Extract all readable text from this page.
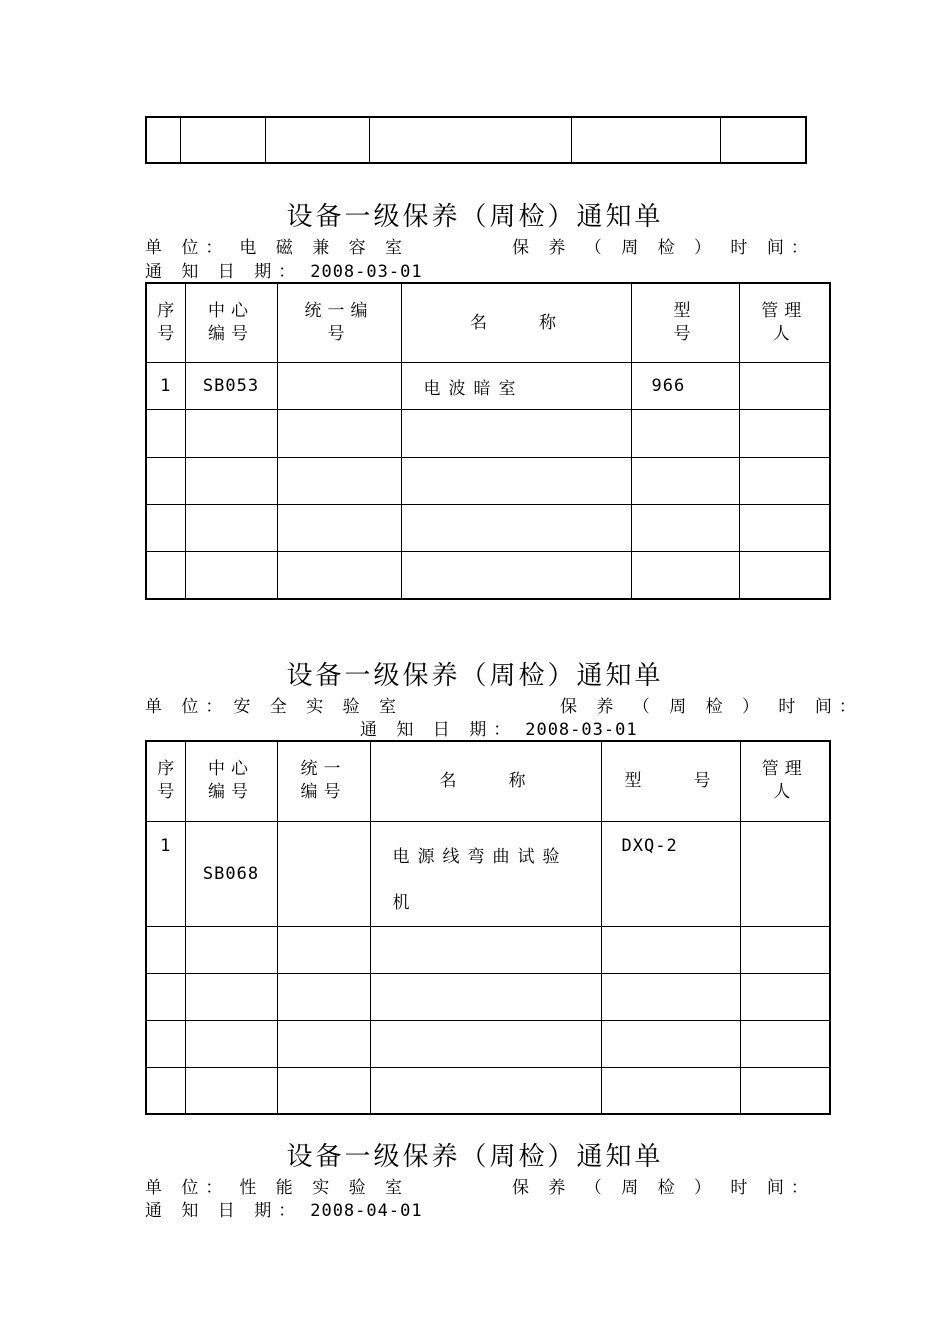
设备一级保养（周检）通知单
单 位： 电 磁 兼 容 室	保 养 （ 周 检 ） 时 间：
通 知 日 期： 2008-03-01
序号	中心编号	统一编号	名　　称	型号	管理人
1	SB053		电波暗室	966	

设备一级保养（周检）通知单
单 位： 安 全 实 验 室	保 养 （ 周 检 ） 时 间：
通 知 日 期： 2008-03-01
序号	中心编号	统一编号	名　　称	型　　号	管理人
1	SB068		电源线弯曲试验机	DXQ-2	

设备一级保养（周检）通知单
单 位： 性 能 实 验 室	保 养 （ 周 检 ） 时 间：
通 知 日 期： 2008-04-01
